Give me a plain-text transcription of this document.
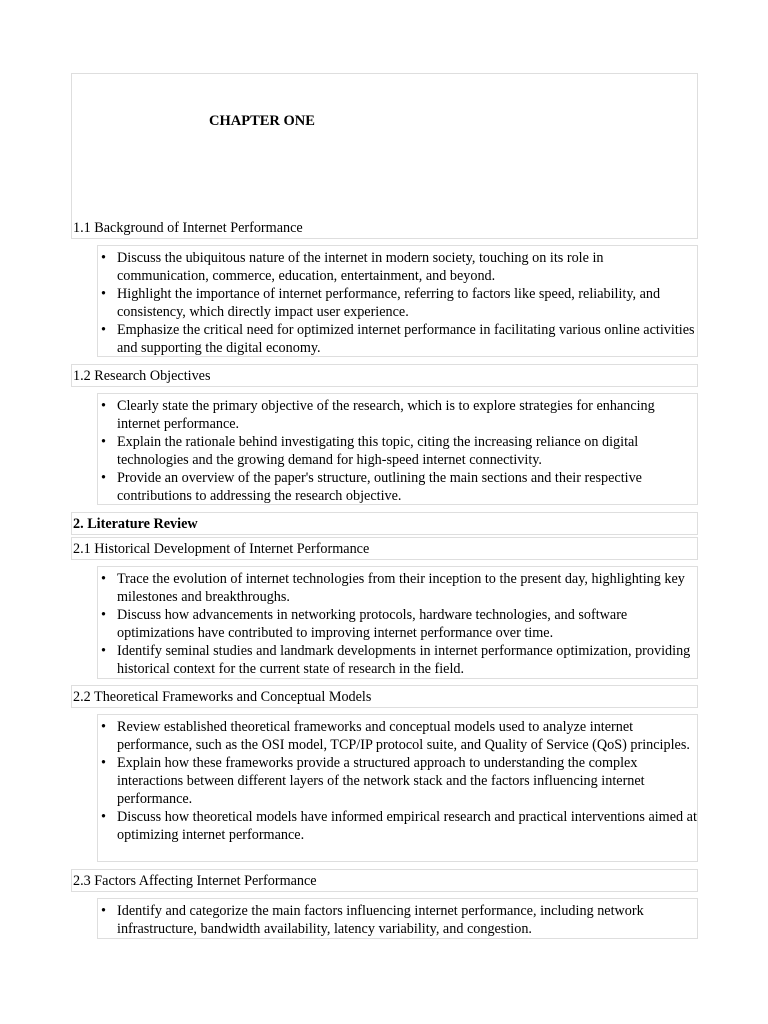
CHAPTER ONE
1.1 Background of Internet Performance
• Discuss the ubiquitous nature of the internet in modern society, touching on its role in communication, commerce, education, entertainment, and beyond.
• Highlight the importance of internet performance, referring to factors like speed, reliability, and consistency, which directly impact user experience.
• Emphasize the critical need for optimized internet performance in facilitating various online activities and supporting the digital economy.
1.2 Research Objectives
• Clearly state the primary objective of the research, which is to explore strategies for enhancing internet performance.
• Explain the rationale behind investigating this topic, citing the increasing reliance on digital technologies and the growing demand for high-speed internet connectivity.
• Provide an overview of the paper's structure, outlining the main sections and their respective contributions to addressing the research objective.
2. Literature Review
2.1 Historical Development of Internet Performance
• Trace the evolution of internet technologies from their inception to the present day, highlighting key milestones and breakthroughs.
• Discuss how advancements in networking protocols, hardware technologies, and software optimizations have contributed to improving internet performance over time.
• Identify seminal studies and landmark developments in internet performance optimization, providing historical context for the current state of research in the field.
2.2 Theoretical Frameworks and Conceptual Models
• Review established theoretical frameworks and conceptual models used to analyze internet performance, such as the OSI model, TCP/IP protocol suite, and Quality of Service (QoS) principles.
• Explain how these frameworks provide a structured approach to understanding the complex interactions between different layers of the network stack and the factors influencing internet performance.
• Discuss how theoretical models have informed empirical research and practical interventions aimed at optimizing internet performance.
2.3 Factors Affecting Internet Performance
• Identify and categorize the main factors influencing internet performance, including network infrastructure, bandwidth availability, latency variability, and congestion.
